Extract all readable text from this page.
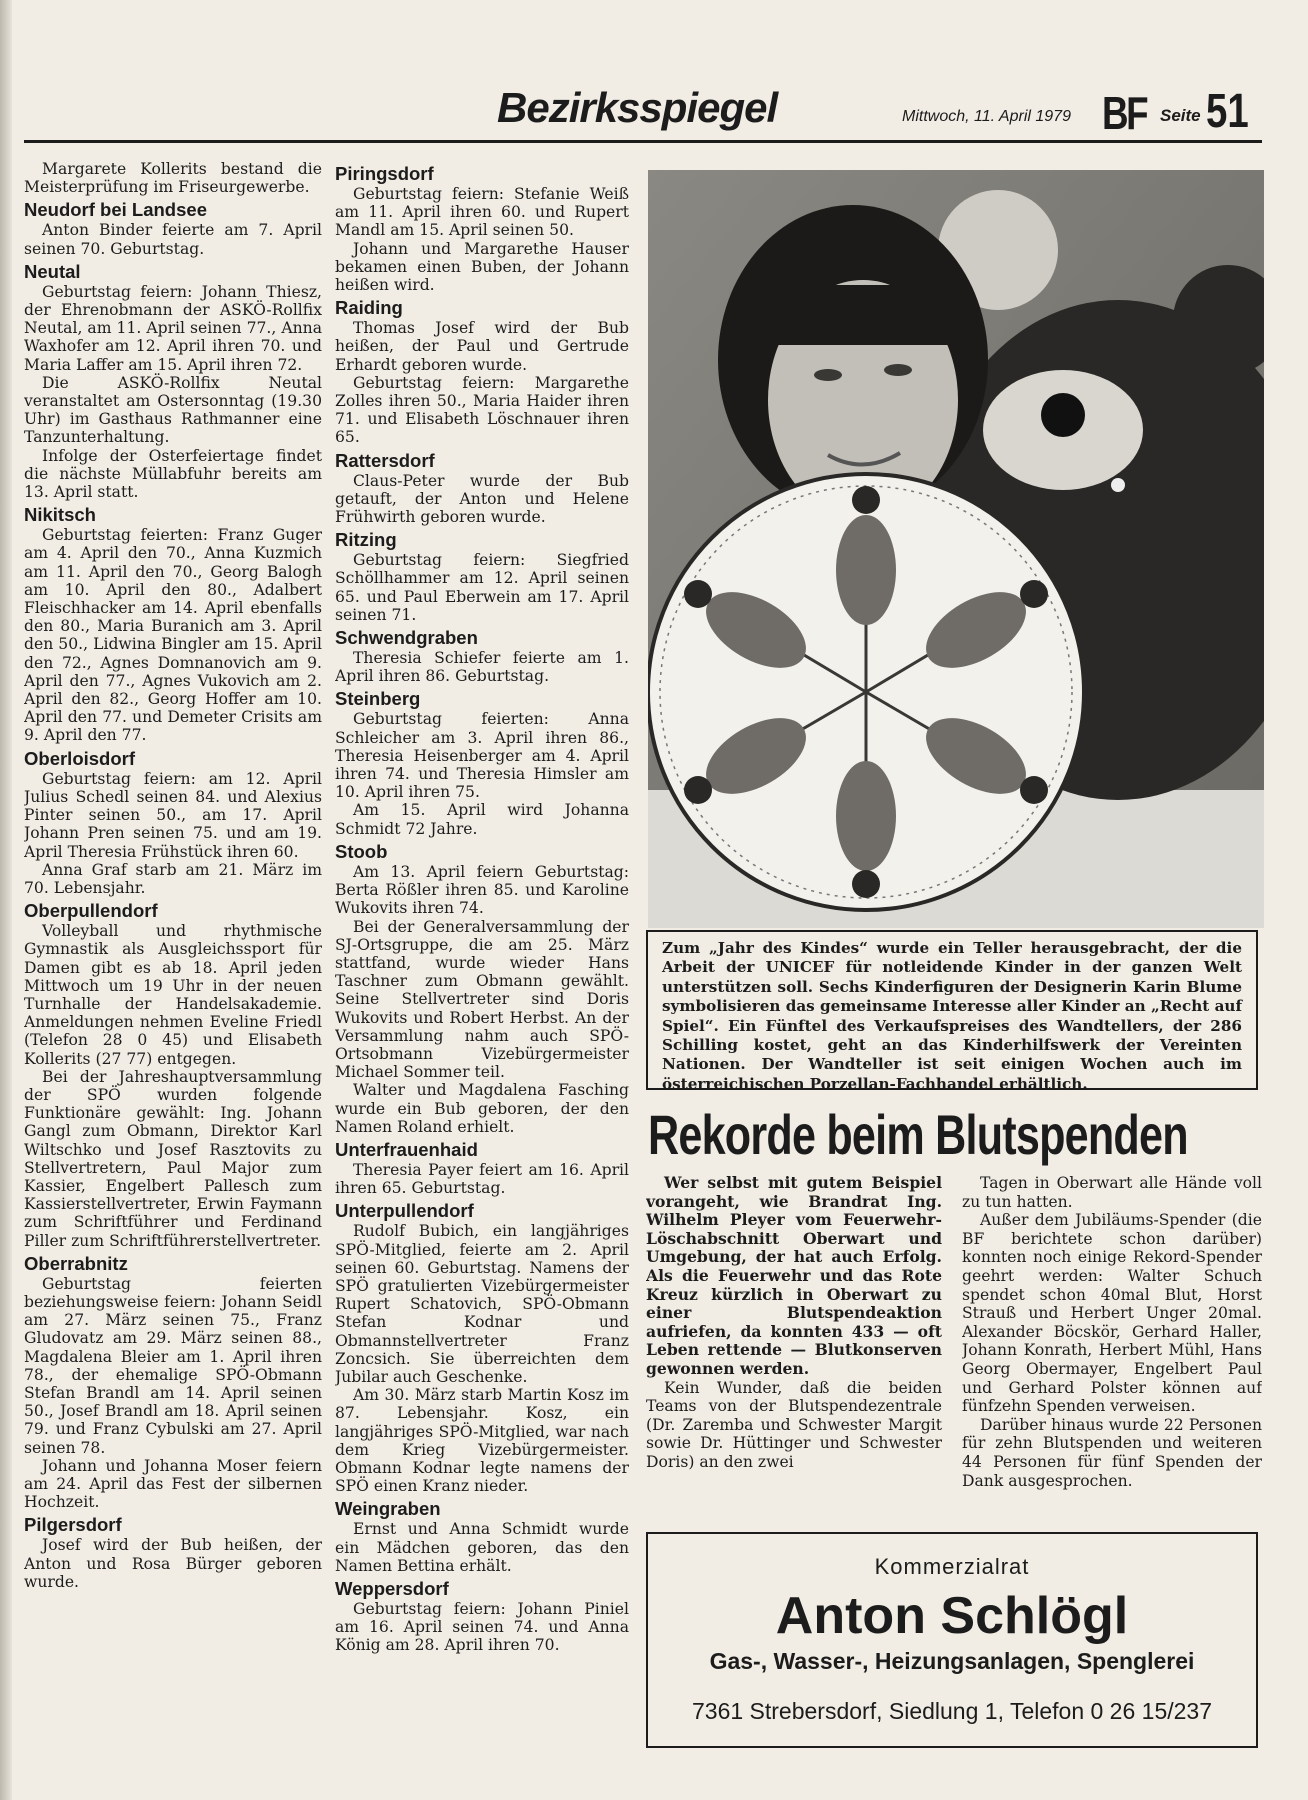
Bezirksspiegel	Mittwoch, 11. April 1979 BF Seite 51

Margarete Kollerits bestand die Meisterprüfung im Friseurgewerbe.

Neudorf bei Landsee

Anton Binder feierte am 7. April seinen 70. Geburtstag.

Neutal

Geburtstag feiern: Johann Thiesz, der Ehrenobmann der ASKÖ-Rollfix Neutal, am 11. April seinen 77., Anna Waxhofer am 12. April ihren 70. und Maria Laffer am 15. April ihren 72.

Die ASKÖ-Rollfix Neutal veranstaltet am Ostersonntag (19.30 Uhr) im Gasthaus Rathmanner eine Tanzunterhaltung.

Infolge der Osterfeiertage findet die nächste Müllabfuhr bereits am 13. April statt.

Nikitsch

Geburtstag feierten: Franz Guger am 4. April den 70., Anna Kuzmich am 11. April den 70., Georg Balogh am 10. April den 80., Adalbert Fleischhacker am 14. April ebenfalls den 80., Maria Buranich am 3. April den 50., Lidwina Bingler am 15. April den 72., Agnes Domnanovich am 9. April den 77., Agnes Vukovich am 2. April den 82., Georg Hoffer am 10. April den 77. und Demeter Crisits am 9. April den 77.

Oberloisdorf

Geburtstag feiern: am 12. April Julius Schedl seinen 84. und Alexius Pinter seinen 50., am 17. April Johann Pren seinen 75. und am 19. April Theresia Frühstück ihren 60.

Anna Graf starb am 21. März im 70. Lebensjahr.

Oberpullendorf

Volleyball und rhythmische Gymnastik als Ausgleichssport für Damen gibt es ab 18. April jeden Mittwoch um 19 Uhr in der neuen Turnhalle der Handelsakademie. Anmeldungen nehmen Eveline Friedl (Telefon 28 0 45) und Elisabeth Kollerits (27 77) entgegen.

Bei der Jahreshauptversammlung der SPÖ wurden folgende Funktionäre gewählt: Ing. Johann Gangl zum Obmann, Direktor Karl Wiltschko und Josef Rasztovits zu Stellvertretern, Paul Major zum Kassier, Engelbert Pallesch zum Kassierstellvertreter, Erwin Faymann zum Schriftführer und Ferdinand Piller zum Schriftführerstellvertreter.

Oberrabnitz

Geburtstag feierten beziehungsweise feiern: Johann Seidl am 27. März seinen 75., Franz Gludovatz am 29. März seinen 88., Magdalena Bleier am 1. April ihren 78., der ehemalige SPÖ-Obmann Stefan Brandl am 14. April seinen 50., Josef Brandl am 18. April seinen 79. und Franz Cybulski am 27. April seinen 78.

Johann und Johanna Moser feiern am 24. April das Fest der silbernen Hochzeit.

Pilgersdorf

Josef wird der Bub heißen, der Anton und Rosa Bürger geboren wurde.

Piringsdorf

Geburtstag feiern: Stefanie Weiß am 11. April ihren 60. und Rupert Mandl am 15. April seinen 50.

Johann und Margarethe Hauser bekamen einen Buben, der Johann heißen wird.

Raiding

Thomas Josef wird der Bub heißen, der Paul und Gertrude Erhardt geboren wurde.

Geburtstag feiern: Margarethe Zolles ihren 50., Maria Haider ihren 71. und Elisabeth Löschnauer ihren 65.

Rattersdorf

Claus-Peter wurde der Bub getauft, der Anton und Helene Frühwirth geboren wurde.

Ritzing

Geburtstag feiern: Siegfried Schöllhammer am 12. April seinen 65. und Paul Eberwein am 17. April seinen 71.

Schwendgraben

Theresia Schiefer feierte am 1. April ihren 86. Geburtstag.

Steinberg

Geburtstag feierten: Anna Schleicher am 3. April ihren 86., Theresia Heisenberger am 4. April ihren 74. und Theresia Himsler am 10. April ihren 75.

Am 15. April wird Johanna Schmidt 72 Jahre.

Stoob

Am 13. April feiern Geburtstag: Berta Rößler ihren 85. und Karoline Wukovits ihren 74.

Bei der Generalversammlung der SJ-Ortsgruppe, die am 25. März stattfand, wurde wieder Hans Taschner zum Obmann gewählt. Seine Stellvertreter sind Doris Wukovits und Robert Herbst. An der Versammlung nahm auch SPÖ-Ortsobmann Vizebürgermeister Michael Sommer teil.

Walter und Magdalena Fasching wurde ein Bub geboren, der den Namen Roland erhielt.

Unterfrauenhaid

Theresia Payer feiert am 16. April ihren 65. Geburtstag.

Unterpullendorf

Rudolf Bubich, ein langjähriges SPÖ-Mitglied, feierte am 2. April seinen 60. Geburtstag. Namens der SPÖ gratulierten Vizebürgermeister Rupert Schatovich, SPÖ-Obmann Stefan Kodnar und Obmannstellvertreter Franz Zoncsich. Sie überreichten dem Jubilar auch Geschenke.

Am 30. März starb Martin Kosz im 87. Lebensjahr. Kosz, ein langjähriges SPÖ-Mitglied, war nach dem Krieg Vizebürgermeister. Obmann Kodnar legte namens der SPÖ einen Kranz nieder.

Weingraben

Ernst und Anna Schmidt wurde ein Mädchen geboren, das den Namen Bettina erhält.

Weppersdorf

Geburtstag feiern: Johann Piniel am 16. April seinen 74. und Anna König am 28. April ihren 70.

Zum „Jahr des Kindes“ wurde ein Teller herausgebracht, der die Arbeit der UNICEF für notleidende Kinder in der ganzen Welt unterstützen soll. Sechs Kinderfiguren der Designerin Karin Blume symbolisieren das gemeinsame Interesse aller Kinder an „Recht auf Spiel“. Ein Fünftel des Verkaufspreises des Wandtellers, der 286 Schilling kostet, geht an das Kinderhilfswerk der Vereinten Nationen. Der Wandteller ist seit einigen Wochen auch im österreichischen Porzellan-Fachhandel erhältlich.

Rekorde beim Blutspenden

Wer selbst mit gutem Beispiel vorangeht, wie Brandrat Ing. Wilhelm Pleyer vom Feuerwehr-Löschabschnitt Oberwart und Umgebung, der hat auch Erfolg. Als die Feuerwehr und das Rote Kreuz kürzlich in Oberwart zu einer Blutspendeaktion aufriefen, da konnten 433 — oft Leben rettende — Blutkonserven gewonnen werden.

Kein Wunder, daß die beiden Teams von der Blutspendezentrale (Dr. Zaremba und Schwester Margit sowie Dr. Hüttinger und Schwester Doris) an den zwei

Tagen in Oberwart alle Hände voll zu tun hatten.

Außer dem Jubiläums-Spender (die BF berichtete schon darüber) konnten noch einige Rekord-Spender geehrt werden: Walter Schuch spendet schon 40mal Blut, Horst Strauß und Herbert Unger 20mal. Alexander Böcskör, Gerhard Haller, Johann Konrath, Herbert Mühl, Hans Georg Obermayer, Engelbert Paul und Gerhard Polster können auf fünfzehn Spenden verweisen.

Darüber hinaus wurde 22 Personen für zehn Blutspenden und weiteren 44 Personen für fünf Spenden der Dank ausgesprochen.

Kommerzialrat
Anton Schlögl
Gas-, Wasser-, Heizungsanlagen, Spenglerei
7361 Strebersdorf, Siedlung 1, Telefon 0 26 15/237
